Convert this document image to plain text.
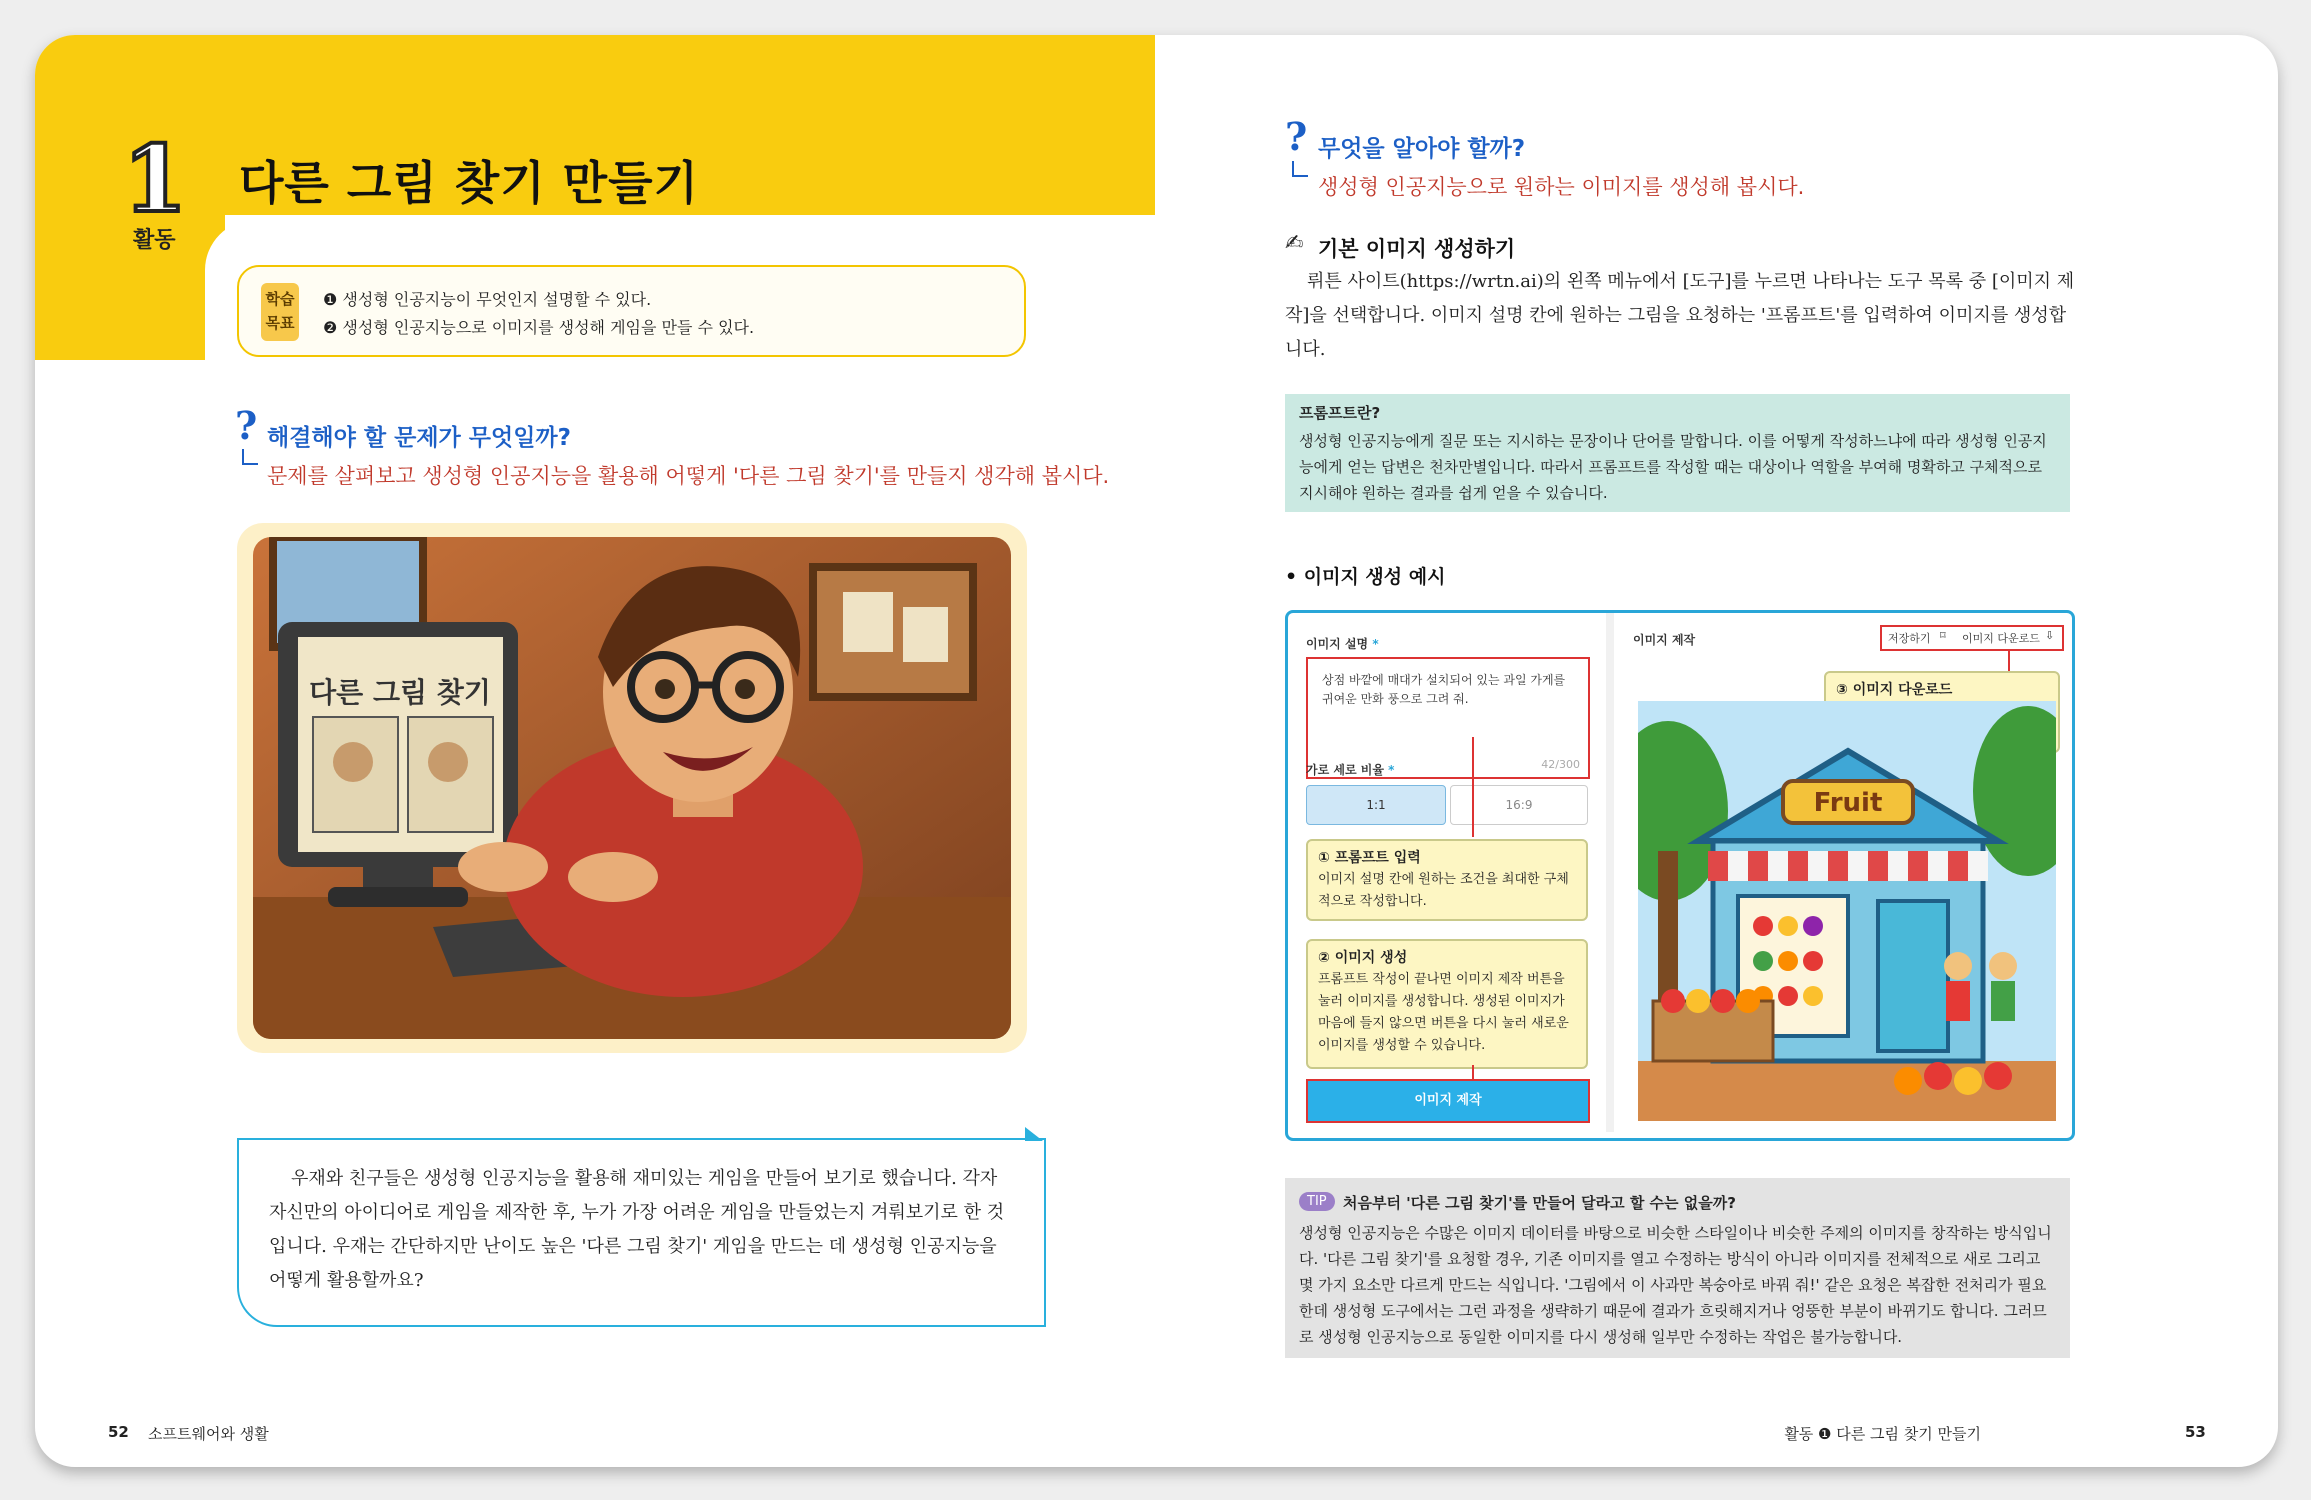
1
활동
다른 그림 찾기 만들기
학습
목표
❶ 생성형 인공지능이 무엇인지 설명할 수 있다.
❷ 생성형 인공지능으로 이미지를 생성해 게임을 만들 수 있다.
? 해결해야 할 문제가 무엇일까?
문제를 살펴보고 생성형 인공지능을 활용해 어떻게 '다른 그림 찾기'를 만들지 생각해 봅시다.
다른 그림 찾기
우재와 친구들은 생성형 인공지능을 활용해 재미있는 게임을 만들어 보기로 했습니다. 각자 자신만의 아이디어로 게임을 제작한 후, 누가 가장 어려운 게임을 만들었는지 겨뤄보기로 한 것입니다. 우재는 간단하지만 난이도 높은 '다른 그림 찾기' 게임을 만드는 데 생성형 인공지능을 어떻게 활용할까요?
52 소프트웨어와 생활
? 무엇을 알아야 할까?
생성형 인공지능으로 원하는 이미지를 생성해 봅시다.
✍ 기본 이미지 생성하기
뤼튼 사이트(https://wrtn.ai)의 왼쪽 메뉴에서 [도구]를 누르면 나타나는 도구 목록 중 [이미지 제작]을 선택합니다. 이미지 설명 칸에 원하는 그림을 요청하는 '프롬프트'를 입력하여 이미지를 생성합니다.
프롬프트란?
생성형 인공지능에게 질문 또는 지시하는 문장이나 단어를 말합니다. 이를 어떻게 작성하느냐에 따라 생성형 인공지능에게 얻는 답변은 천차만별입니다. 따라서 프롬프트를 작성할 때는 대상이나 역할을 부여해 명확하고 구체적으로 지시해야 원하는 결과를 쉽게 얻을 수 있습니다.
• 이미지 생성 예시
이미지 설명 *
상점 바깥에 매대가 설치되어 있는 과일 가게를 귀여운 만화 풍으로 그려 줘.
42/300
가로 세로 비율 *
1:1	16:9
① 프롬프트 입력
이미지 설명 칸에 원하는 조건을 최대한 구체적으로 작성합니다.
② 이미지 생성
프롬프트 작성이 끝나면 이미지 제작 버튼을 눌러 이미지를 생성합니다. 생성된 이미지가 마음에 들지 않으면 버튼을 다시 눌러 새로운 이미지를 생성할 수 있습니다.
이미지 제작
이미지 제작	저장하기 ⌑ 이미지 다운로드 ⇩
③ 이미지 다운로드
Fruit
TIP	처음부터 '다른 그림 찾기'를 만들어 달라고 할 수는 없을까?
생성형 인공지능은 수많은 이미지 데이터를 바탕으로 비슷한 스타일이나 비슷한 주제의 이미지를 창작하는 방식입니다. '다른 그림 찾기'를 요청할 경우, 기존 이미지를 열고 수정하는 방식이 아니라 이미지를 전체적으로 새로 그리고 몇 가지 요소만 다르게 만드는 식입니다. '그림에서 이 사과만 복숭아로 바꿔 줘!' 같은 요청은 복잡한 전처리가 필요한데 생성형 도구에서는 그런 과정을 생략하기 때문에 결과가 흐릿해지거나 엉뚱한 부분이 바뀌기도 합니다. 그러므로 생성형 인공지능으로 동일한 이미지를 다시 생성해 일부만 수정하는 작업은 불가능합니다.
활동 ❶ 다른 그림 찾기 만들기	53
